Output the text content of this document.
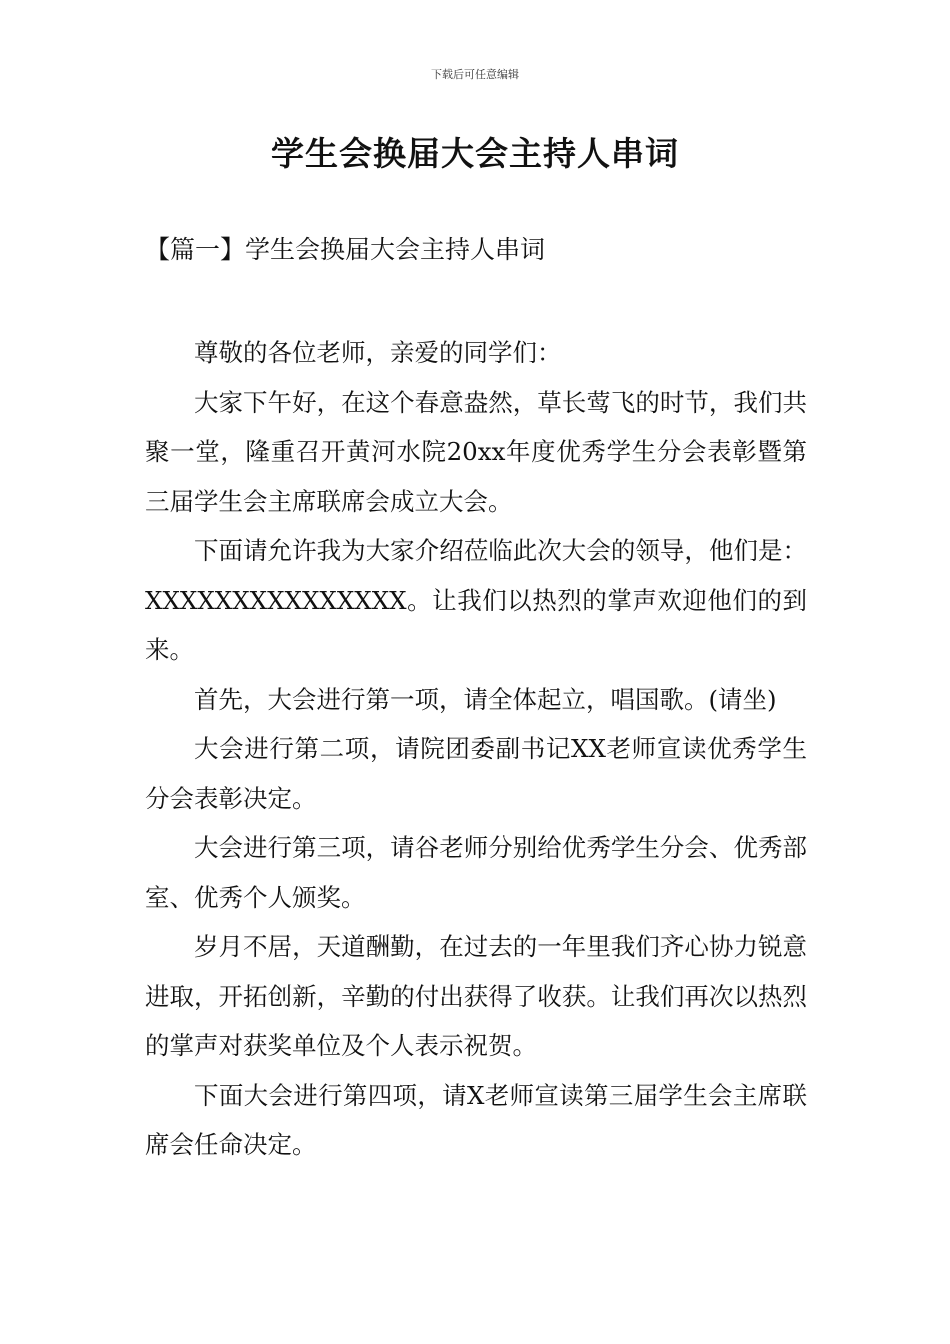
下载后可任意编辑
学生会换届大会主持人串词
【篇一】学生会换届大会主持人串词

尊敬的各位老师，亲爱的同学们：

大家下午好，在这个春意盎然，草长莺飞的时节，我们共聚一堂，隆重召开黄河水院20xx年度优秀学生分会表彰暨第三届学生会主席联席会成立大会。

下面请允许我为大家介绍莅临此次大会的领导，他们是：XXXXXXXXXXXXXXX。让我们以热烈的掌声欢迎他们的到来。

首先，大会进行第一项，请全体起立，唱国歌。(请坐)

大会进行第二项，请院团委副书记XX老师宣读优秀学生分会表彰决定。

大会进行第三项，请谷老师分别给优秀学生分会、优秀部室、优秀个人颁奖。

岁月不居，天道酬勤，在过去的一年里我们齐心协力锐意进取，开拓创新，辛勤的付出获得了收获。让我们再次以热烈的掌声对获奖单位及个人表示祝贺。

下面大会进行第四项，请X老师宣读第三届学生会主席联席会任命决定。
